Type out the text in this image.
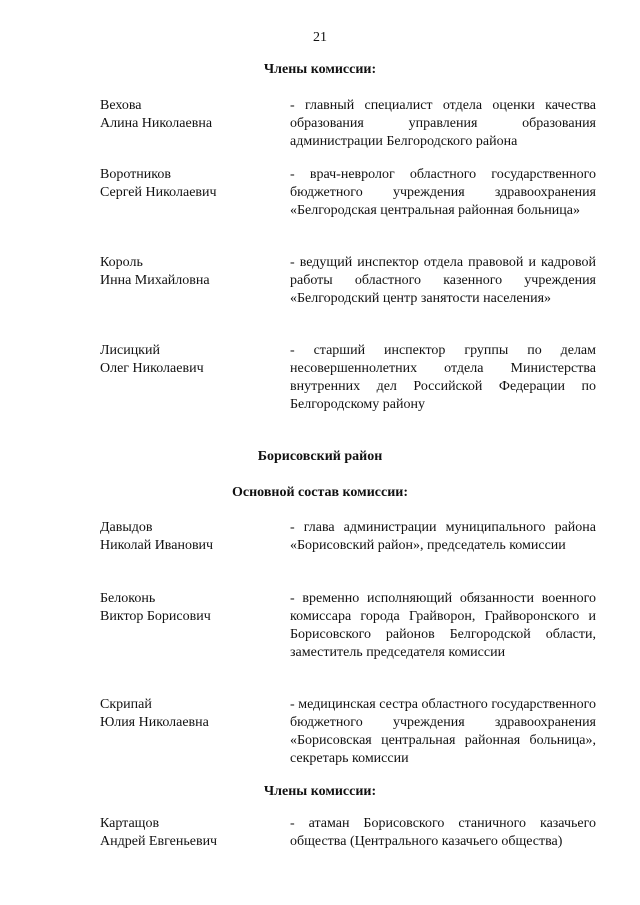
21
Члены комиссии:
Вехова
Алина Николаевна
- главный специалист отдела оценки качества образования управления образования администрации Белгородского района
Воротников
Сергей Николаевич
- врач-невролог областного государственного бюджетного учреждения здравоохранения «Белгородская центральная районная больница»
Король
Инна Михайловна
- ведущий инспектор отдела правовой и кадровой работы областного казенного учреждения «Белгородский центр занятости населения»
Лисицкий
Олег Николаевич
- старший инспектор группы по делам несовершеннолетних отдела Министерства внутренних дел Российской Федерации по Белгородскому району
Борисовский район
Основной состав комиссии:
Давыдов
Николай Иванович
- глава администрации муниципального района «Борисовский район», председатель комиссии
Белоконь
Виктор Борисович
- временно исполняющий обязанности военного комиссара города Грайворон, Грайворонского и Борисовского районов Белгородской области, заместитель председателя комиссии
Скрипай
Юлия Николаевна
- медицинская сестра областного государственного бюджетного учреждения здравоохранения «Борисовская центральная районная больница», секретарь комиссии
Члены комиссии:
Картащов
Андрей Евгеньевич
- атаман Борисовского станичного казачьего общества (Центрального казачьего общества)
